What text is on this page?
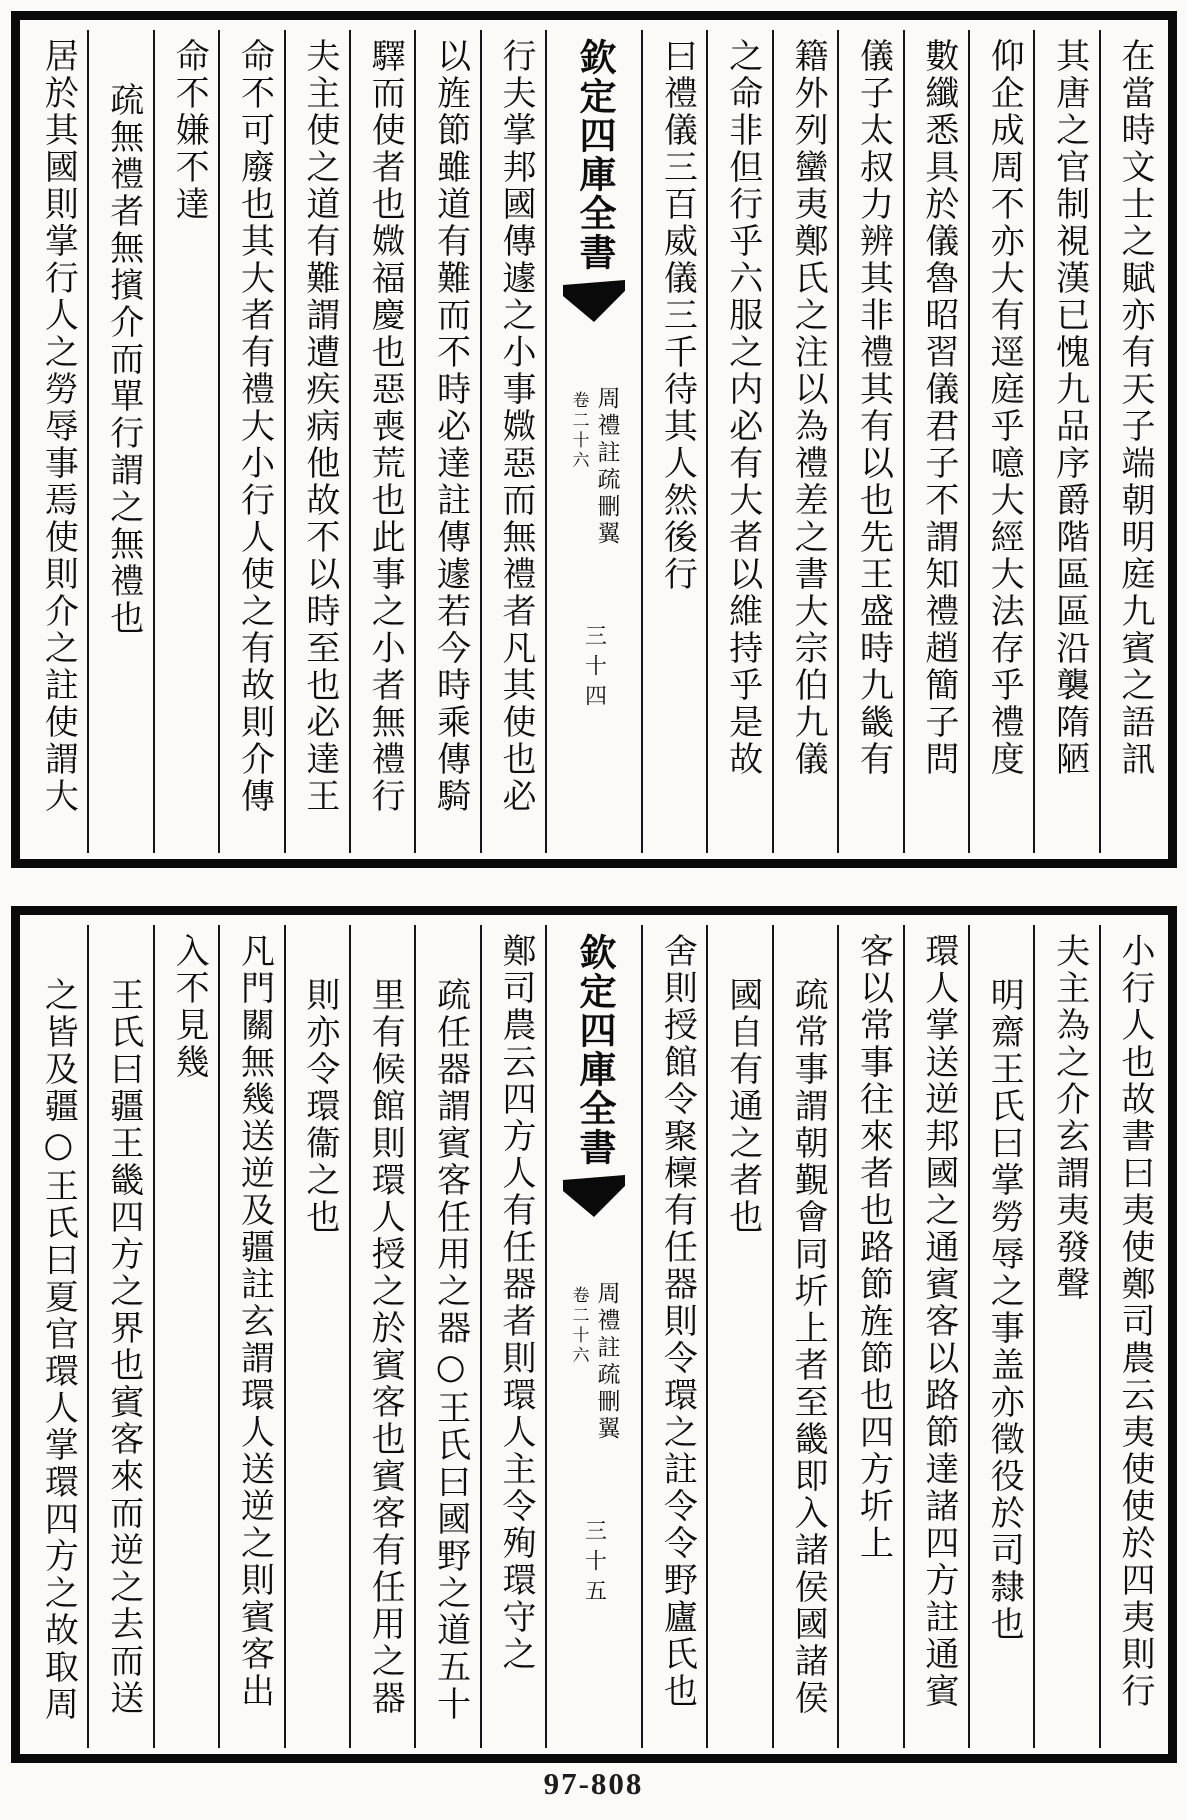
在當時文士之賦亦有天子端朝明庭九賓之語訊
其唐之官制視漢已愧九品序爵階區區沿襲隋陋
仰企成周不亦大有逕庭乎噫大經大法存乎禮度
數纖悉具於儀魯昭習儀君子不謂知禮趙簡子問
儀子太叔力辨其非禮其有以也先王盛時九畿有
籍外列蠻夷鄭氏之注以為禮差之書大宗伯九儀
之命非但行乎六服之内必有大者以維持乎是故
曰禮儀三百威儀三千待其人然後行
欽定四庫全書
周禮註疏刪翼
卷二十六
三十四
行夫掌邦國傳遽之小事媺惡而無禮者凡其使也必
以旌節雖道有難而不時必達註傳遽若今時乘傳騎
驛而使者也媺福慶也惡喪荒也此事之小者無禮行
夫主使之道有難謂遭疾病他故不以時至也必達王
命不可廢也其大者有禮大小行人使之有故則介傳
命不嫌不達
疏無禮者無擯介而單行謂之無禮也
居於其國則掌行人之勞辱事焉使則介之註使謂大
小行人也故書曰夷使鄭司農云夷使使於四夷則行
夫主為之介玄謂夷發聲
明齋王氏曰掌勞辱之事盖亦徵役於司隸也
環人掌送逆邦國之通賓客以路節達諸四方註通賓
客以常事往來者也路節旌節也四方圻上
疏常事謂朝覲會同圻上者至畿即入諸侯國諸侯
國自有通之者也
舍則授館令聚檁有任器則令環之註令令野廬氏也
欽定四庫全書
周禮註疏刪翼
卷二十六
三十五
鄭司農云四方人有任器者則環人主令殉環守之
疏任器謂賓客任用之器○王氏曰國野之道五十
里有候館則環人授之於賓客也賓客有任用之器
則亦令環衞之也
凡門關無幾送逆及疆註玄謂環人送逆之則賓客出
入不見幾
王氏曰疆王畿四方之界也賓客來而逆之去而送
之皆及疆○王氏曰夏官環人掌環四方之故取周
97-808
